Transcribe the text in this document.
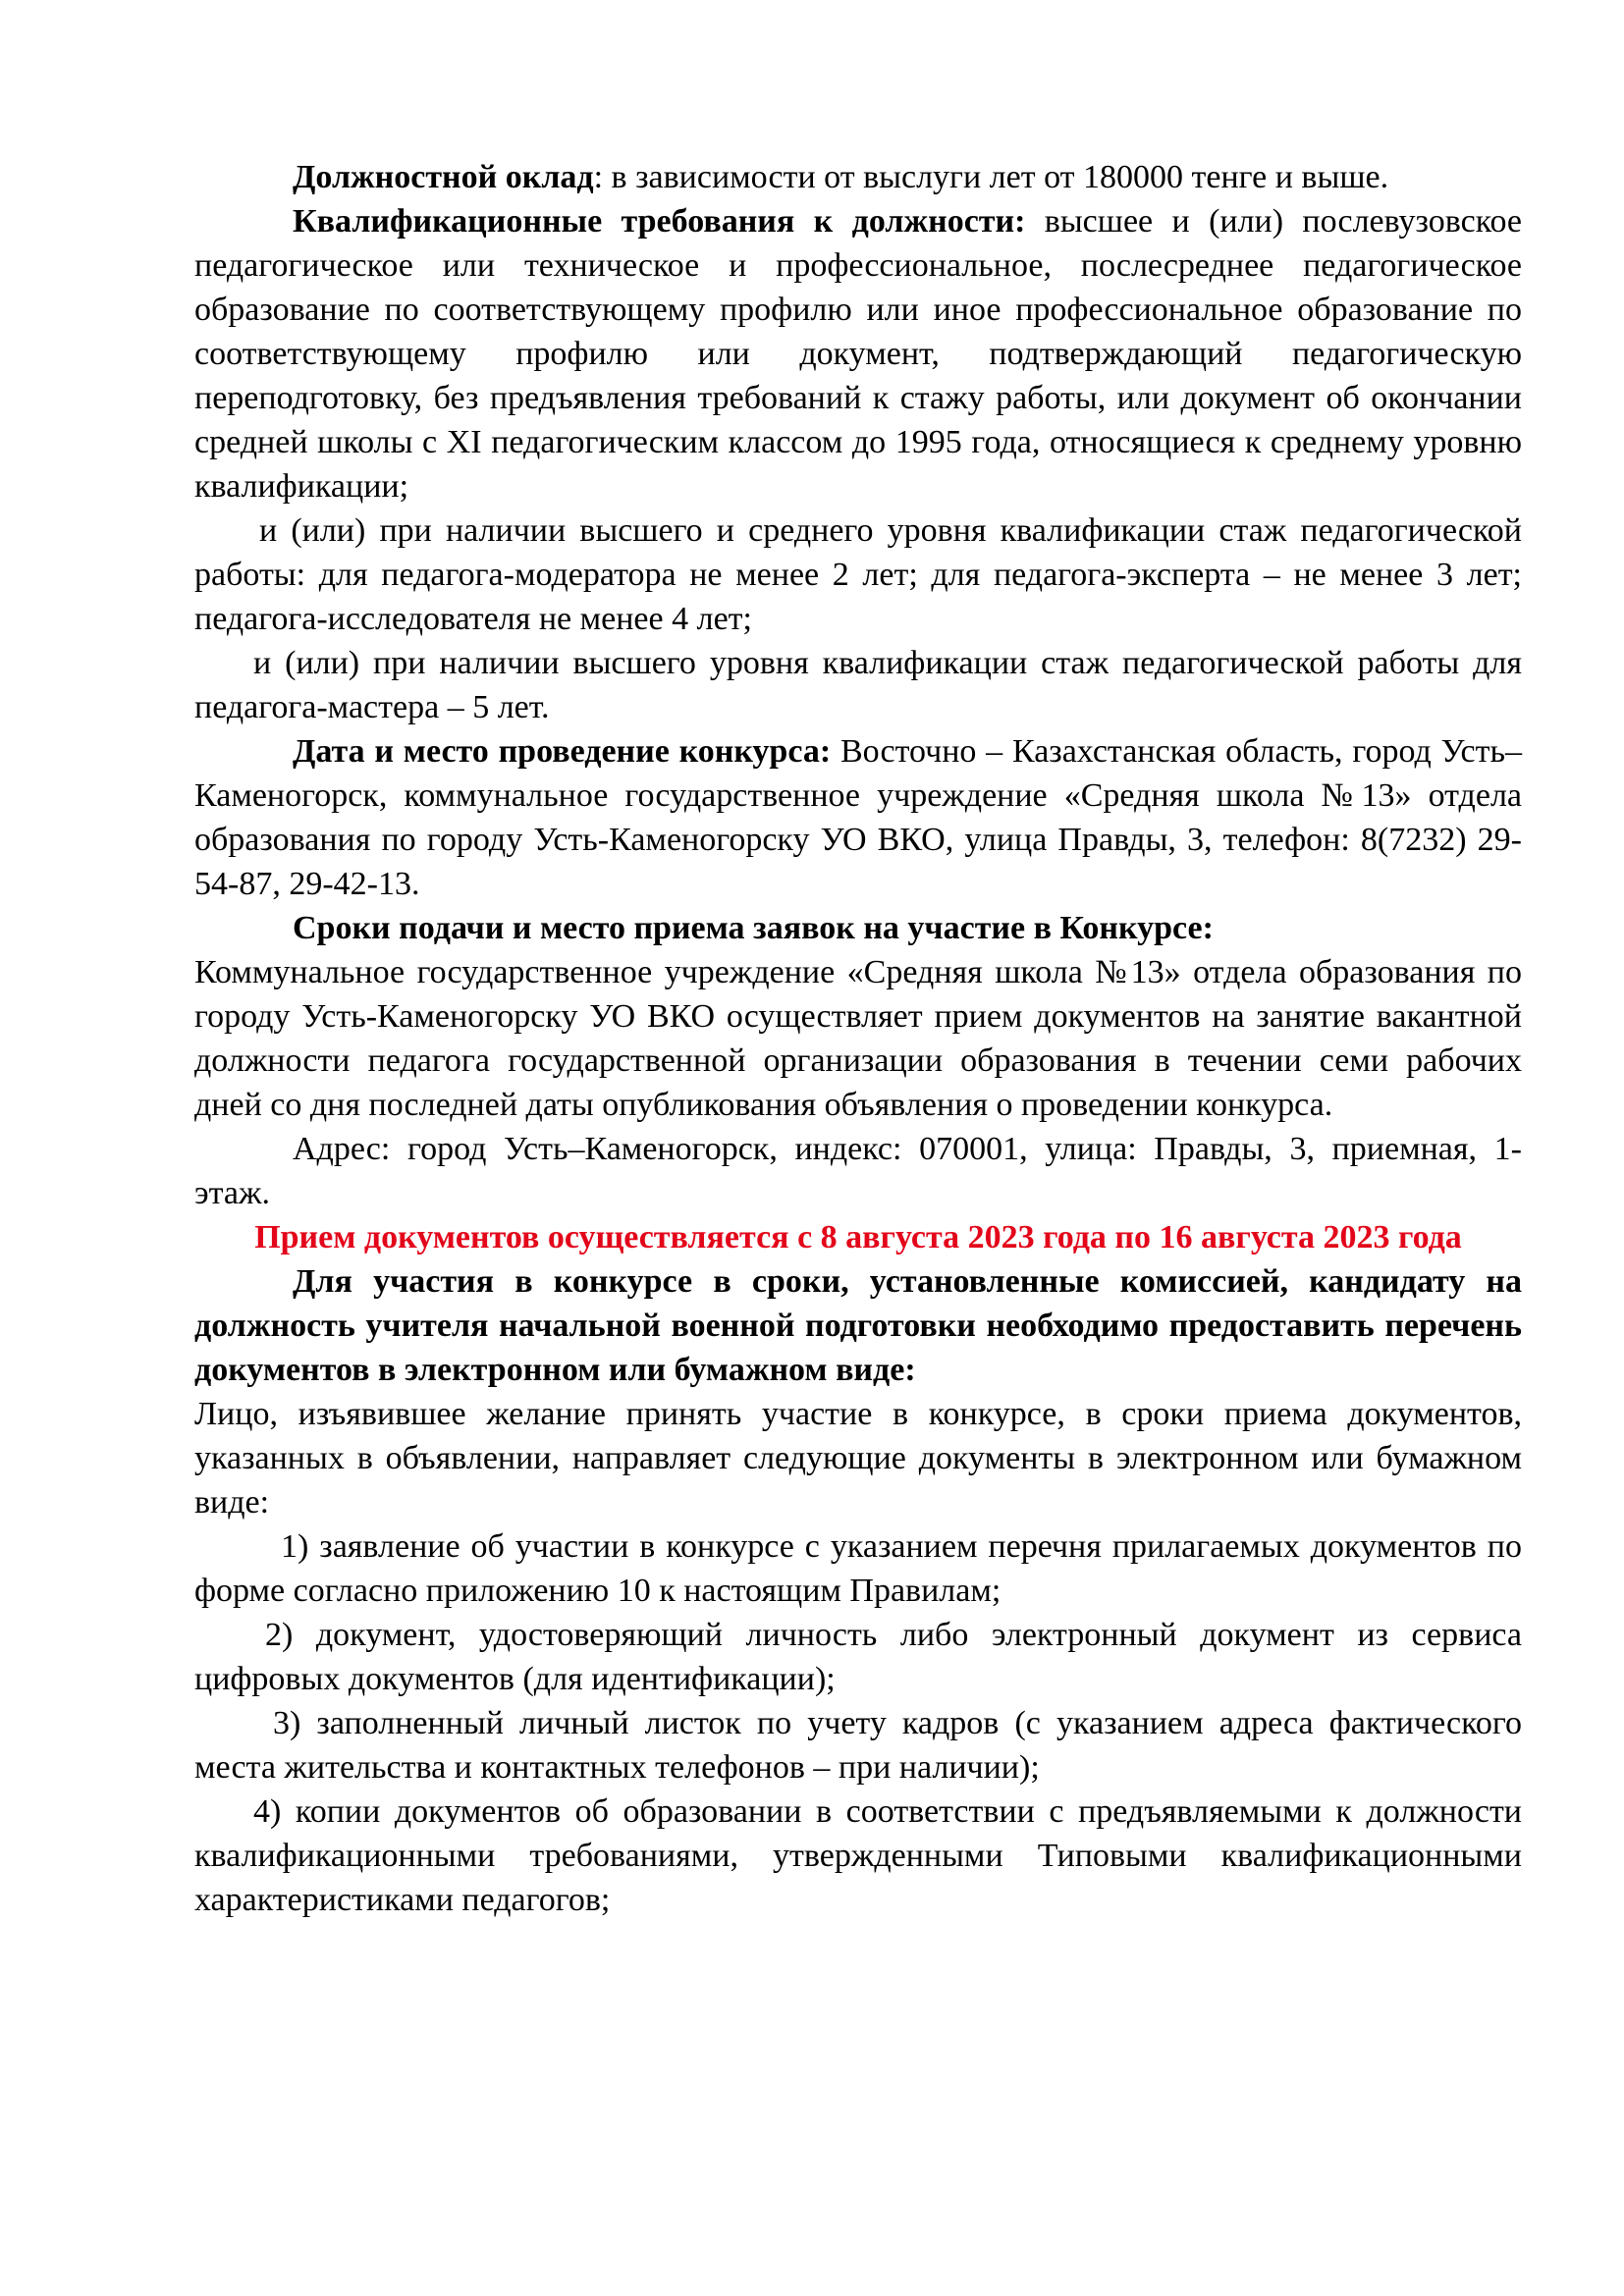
Должностной оклад: в зависимости от выслуги лет от 180000 тенге и выше.

Квалификационные требования к должности: высшее и (или) послевузовское педагогическое или техническое и профессиональное, послесреднее педагогическое образование по соответствующему профилю или иное профессиональное образование по соответствующему профилю или документ, подтверждающий педагогическую переподготовку, без предъявления требований к стажу работы, или документ об окончании средней школы с XI педагогическим классом до 1995 года, относящиеся к среднему уровню квалификации;

и (или) при наличии высшего и среднего уровня квалификации стаж педагогической работы: для педагога-модератора не менее 2 лет; для педагога-эксперта – не менее 3 лет; педагога-исследователя не менее 4 лет;

и (или) при наличии высшего уровня квалификации стаж педагогической работы для педагога-мастера – 5 лет.

Дата и место проведение конкурса: Восточно – Казахстанская область, город Усть–Каменогорск, коммунальное государственное учреждение «Средняя школа №13» отдела образования по городу Усть-Каменогорску УО ВКО, улица Правды, 3, телефон: 8(7232) 29-54-87, 29-42-13.

Сроки подачи и место приема заявок на участие в Конкурсе:

Коммунальное государственное учреждение «Средняя школа №13» отдела образования по городу Усть-Каменогорску УО ВКО осуществляет прием документов на занятие вакантной должности педагога государственной организации образования в течении семи рабочих дней со дня последней даты опубликования объявления о проведении конкурса.

Адрес: город Усть–Каменогорск, индекс: 070001, улица: Правды, 3, приемная, 1- этаж.

Прием документов осуществляется с 8 августа 2023 года по 16 августа 2023 года

Для участия в конкурсе в сроки, установленные комиссией, кандидату на должность учителя начальной военной подготовки необходимо предоставить перечень документов в электронном или бумажном виде:

Лицо, изъявившее желание принять участие в конкурсе, в сроки приема документов, указанных в объявлении, направляет следующие документы в электронном или бумажном виде:

1) заявление об участии в конкурсе с указанием перечня прилагаемых документов по форме согласно приложению 10 к настоящим Правилам;

2) документ, удостоверяющий личность либо электронный документ из сервиса цифровых документов (для идентификации);

3) заполненный личный листок по учету кадров (с указанием адреса фактического места жительства и контактных телефонов – при наличии);

4) копии документов об образовании в соответствии с предъявляемыми к должности квалификационными требованиями, утвержденными Типовыми квалификационными характеристиками педагогов;
